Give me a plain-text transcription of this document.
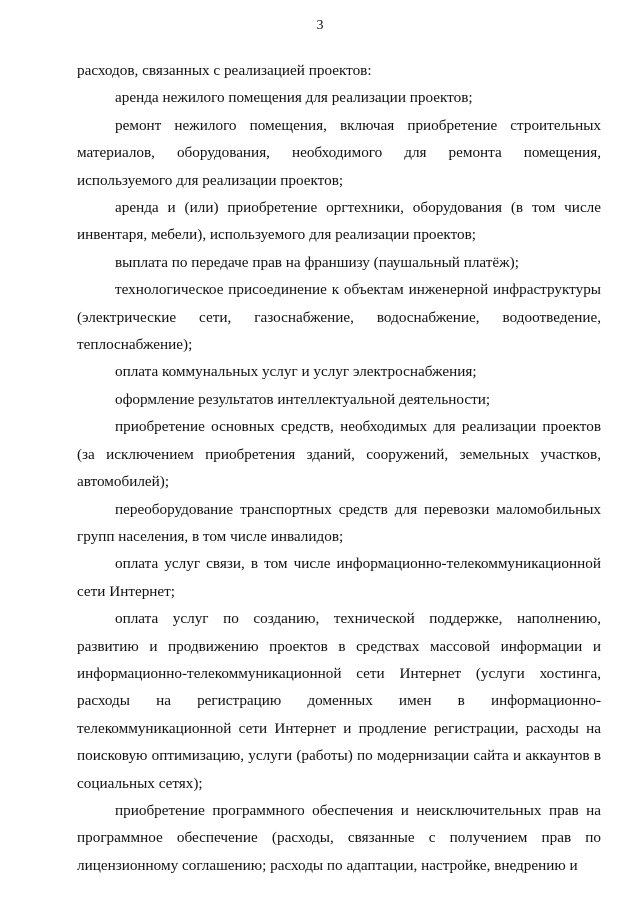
3

расходов, связанных с реализацией проектов:

аренда нежилого помещения для реализации проектов;

ремонт нежилого помещения, включая приобретение строительных материалов, оборудования, необходимого для ремонта помещения, используемого для реализации проектов;

аренда и (или) приобретение оргтехники, оборудования (в том числе инвентаря, мебели), используемого для реализации проектов;

выплата по передаче прав на франшизу (паушальный платёж);

технологическое присоединение к объектам инженерной инфраструктуры (электрические сети, газоснабжение, водоснабжение, водоотведение, теплоснабжение);

оплата коммунальных услуг и услуг электроснабжения;

оформление результатов интеллектуальной деятельности;

приобретение основных средств, необходимых для реализации проектов (за исключением приобретения зданий, сооружений, земельных участков, автомобилей);

переоборудование транспортных средств для перевозки маломобильных групп населения, в том числе инвалидов;

оплата услуг связи, в том числе информационно-телекоммуникационной сети Интернет;

оплата услуг по созданию, технической поддержке, наполнению, развитию и продвижению проектов в средствах массовой информации и информационно-телекоммуникационной сети Интернет (услуги хостинга, расходы на регистрацию доменных имен в информационно-телекоммуникационной сети Интернет и продление регистрации, расходы на поисковую оптимизацию, услуги (работы) по модернизации сайта и аккаунтов в социальных сетях);

приобретение программного обеспечения и неисключительных прав на программное обеспечение (расходы, связанные с получением прав по лицензионному соглашению; расходы по адаптации, настройке, внедрению и
